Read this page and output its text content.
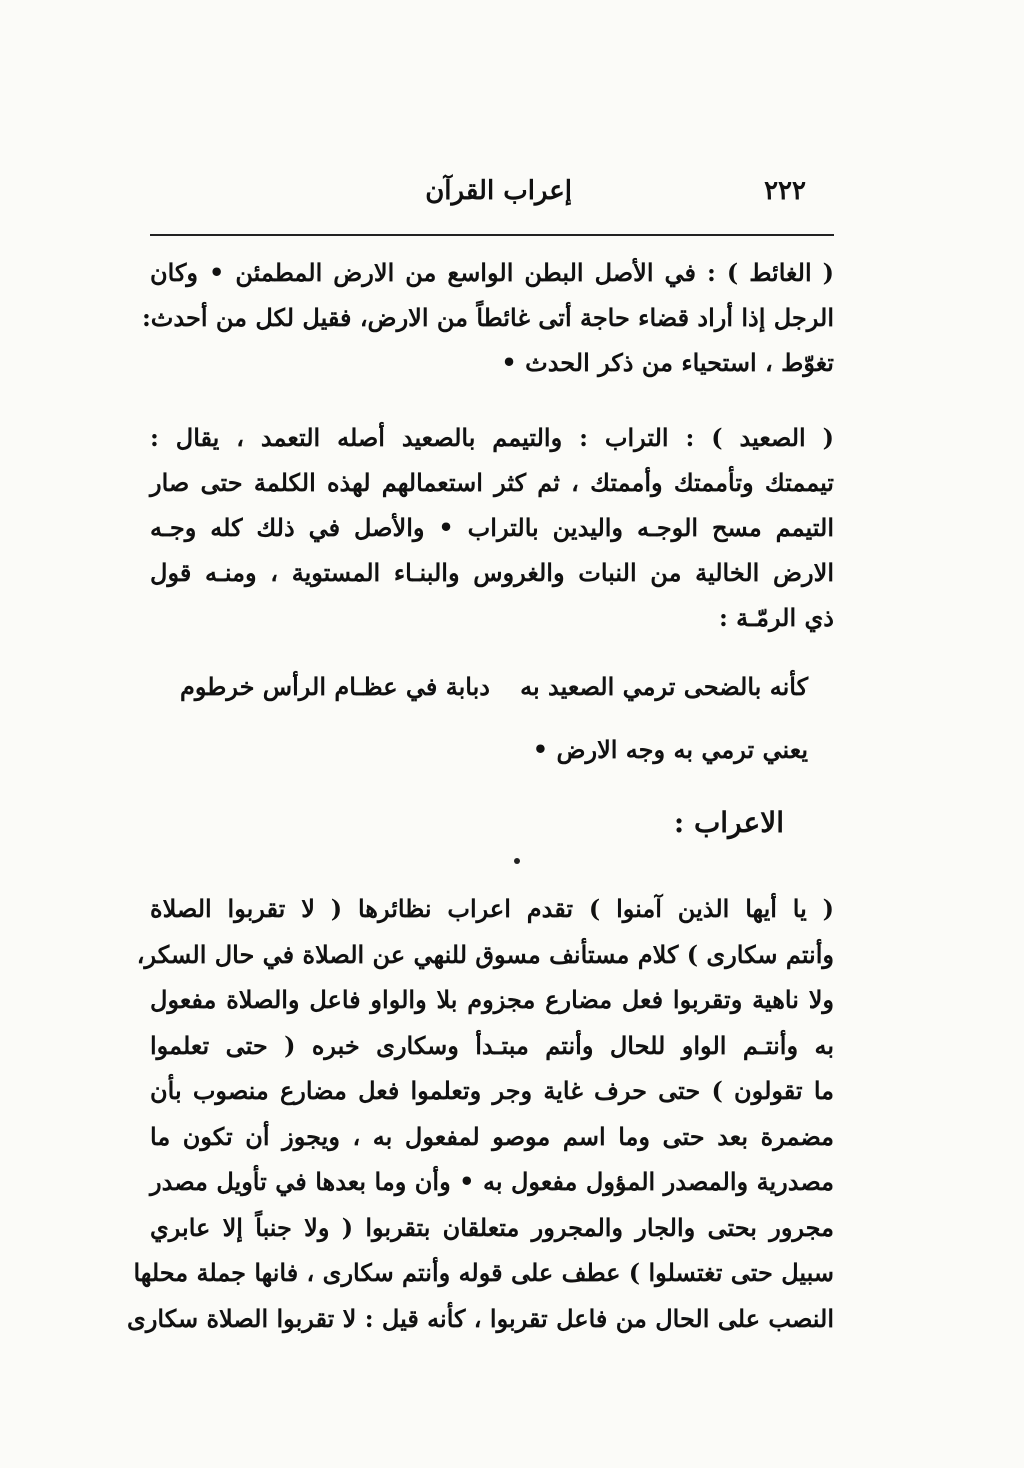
٢٢٢
إعراب القرآن
( الغائط ) : في الأصل البطن الواسع من الارض المطمئن • وكان
الرجل إذا أراد قضاء حاجة أتى غائطاً من الارض، فقيل لكل من أحدث:
تغوّط ، استحياء من ذكر الحدث •
( الصعيد ) : التراب : والتيمم بالصعيد أصله التعمد ، يقال :
تيممتك وتأممتك وأممتك ، ثم كثر استعمالهم لهذه الكلمة حتى صار
التيمم مسح الوجـه واليدين بالتراب • والأصل في ذلك كله وجـه
الارض الخالية من النبات والغروس والبنـاء المستوية ، ومنـه قول
ذي الرمّـة :
كأنه بالضحى ترمي الصعيد به
دبابة في عظـام الرأس خرطوم
يعني ترمي به وجه الارض •
الاعراب :
( يا أيها الذين آمنوا ) تقدم اعراب نظائرها ( لا تقربوا الصلاة
وأنتم سكارى ) كلام مستأنف مسوق للنهي عن الصلاة في حال السكر،
ولا ناهية وتقربوا فعل مضارع مجزوم بلا والواو فاعل والصلاة مفعول
به وأنتـم الواو للحال وأنتم مبتـدأ وسكارى خبره ( حتى تعلموا
ما تقولون ) حتى حرف غاية وجر وتعلموا فعل مضارع منصوب بأن
مضمرة بعد حتى وما اسم موصو لمفعول به ، ويجوز أن تكون ما
مصدرية والمصدر المؤول مفعول به • وأن وما بعدها في تأويل مصدر
مجرور بحتى والجار والمجرور متعلقان بتقربوا ( ولا جنباً إلا عابري
سبيل حتى تغتسلوا ) عطف على قوله وأنتم سكارى ، فانها جملة محلها
النصب على الحال من فاعل تقربوا ، كأنه قيل : لا تقربوا الصلاة سكارى
